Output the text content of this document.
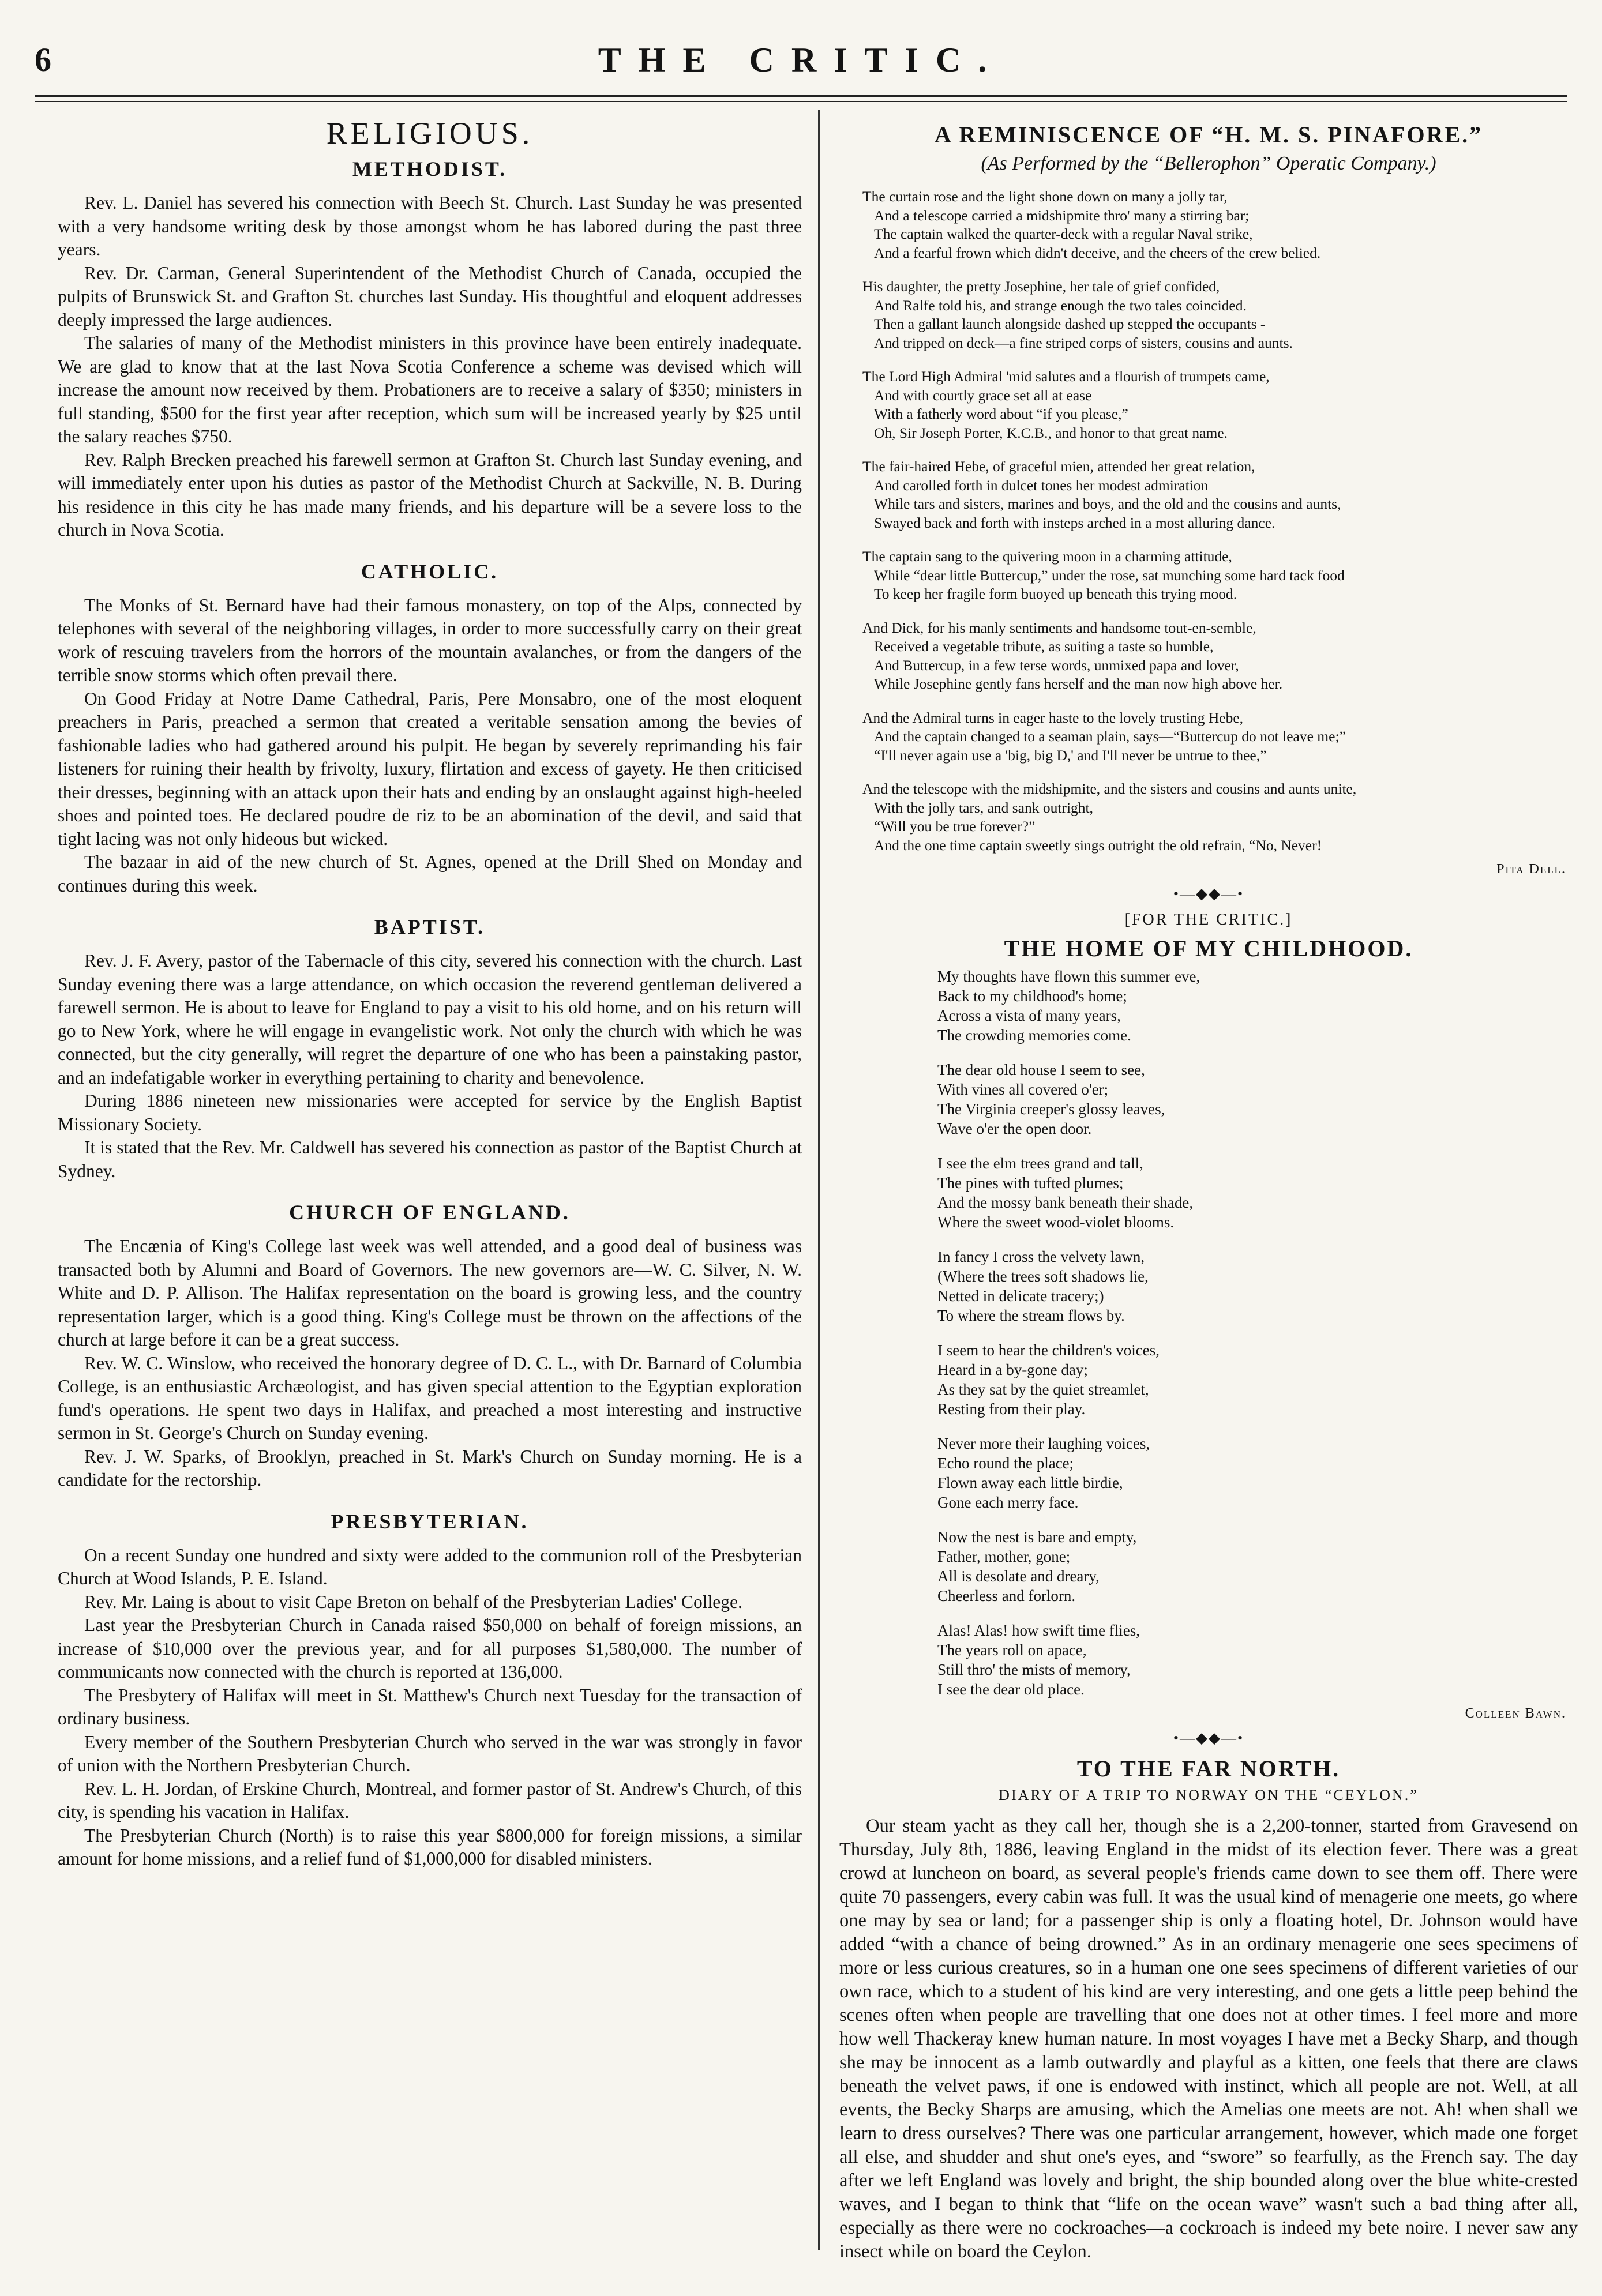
6	THE CRITIC.
RELIGIOUS.
METHODIST.

Rev. L. Daniel has severed his connection with Beech St. Church. Last Sunday he was presented with a very handsome writing desk by those amongst whom he has labored during the past three years.

Rev. Dr. Carman, General Superintendent of the Methodist Church of Canada, occupied the pulpits of Brunswick St. and Grafton St. churches last Sunday. His thoughtful and eloquent addresses deeply impressed the large audiences.

The salaries of many of the Methodist ministers in this province have been entirely inadequate. We are glad to know that at the last Nova Scotia Conference a scheme was devised which will increase the amount now received by them. Probationers are to receive a salary of $350; ministers in full standing, $500 for the first year after reception, which sum will be increased yearly by $25 until the salary reaches $750.

Rev. Ralph Brecken preached his farewell sermon at Grafton St. Church last Sunday evening, and will immediately enter upon his duties as pastor of the Methodist Church at Sackville, N. B. During his residence in this city he has made many friends, and his departure will be a severe loss to the church in Nova Scotia.

CATHOLIC.

The Monks of St. Bernard have had their famous monastery, on top of the Alps, connected by telephones with several of the neighboring villages, in order to more successfully carry on their great work of rescuing travelers from the horrors of the mountain avalanches, or from the dangers of the terrible snow storms which often prevail there.

On Good Friday at Notre Dame Cathedral, Paris, Pere Monsabro, one of the most eloquent preachers in Paris, preached a sermon that created a veritable sensation among the bevies of fashionable ladies who had gathered around his pulpit. He began by severely reprimanding his fair listeners for ruining their health by frivolty, luxury, flirtation and excess of gayety. He then criticised their dresses, beginning with an attack upon their hats and ending by an onslaught against high-heeled shoes and pointed toes. He declared poudre de riz to be an abomination of the devil, and said that tight lacing was not only hideous but wicked.

The bazaar in aid of the new church of St. Agnes, opened at the Drill Shed on Monday and continues during this week.

BAPTIST.

Rev. J. F. Avery, pastor of the Tabernacle of this city, severed his connection with the church. Last Sunday evening there was a large attendance, on which occasion the reverend gentleman delivered a farewell sermon. He is about to leave for England to pay a visit to his old home, and on his return will go to New York, where he will engage in evangelistic work. Not only the church with which he was connected, but the city generally, will regret the departure of one who has been a painstaking pastor, and an indefatigable worker in everything pertaining to charity and benevolence.

During 1886 nineteen new missionaries were accepted for service by the English Baptist Missionary Society.

It is stated that the Rev. Mr. Caldwell has severed his connection as pastor of the Baptist Church at Sydney.

CHURCH OF ENGLAND.

The Encænia of King's College last week was well attended, and a good deal of business was transacted both by Alumni and Board of Governors. The new governors are—W. C. Silver, N. W. White and D. P. Allison. The Halifax representation on the board is growing less, and the country representation larger, which is a good thing. King's College must be thrown on the affections of the church at large before it can be a great success.

Rev. W. C. Winslow, who received the honorary degree of D. C. L., with Dr. Barnard of Columbia College, is an enthusiastic Archæologist, and has given special attention to the Egyptian exploration fund's operations. He spent two days in Halifax, and preached a most interesting and instructive sermon in St. George's Church on Sunday evening.

Rev. J. W. Sparks, of Brooklyn, preached in St. Mark's Church on Sunday morning. He is a candidate for the rectorship.

PRESBYTERIAN.

On a recent Sunday one hundred and sixty were added to the communion roll of the Presbyterian Church at Wood Islands, P. E. Island.

Rev. Mr. Laing is about to visit Cape Breton on behalf of the Presbyterian Ladies' College.

Last year the Presbyterian Church in Canada raised $50,000 on behalf of foreign missions, an increase of $10,000 over the previous year, and for all purposes $1,580,000. The number of communicants now connected with the church is reported at 136,000.

The Presbytery of Halifax will meet in St. Matthew's Church next Tuesday for the transaction of ordinary business.

Every member of the Southern Presbyterian Church who served in the war was strongly in favor of union with the Northern Presbyterian Church.

Rev. L. H. Jordan, of Erskine Church, Montreal, and former pastor of St. Andrew's Church, of this city, is spending his vacation in Halifax.

The Presbyterian Church (North) is to raise this year $800,000 for foreign missions, a similar amount for home missions, and a relief fund of $1,000,000 for disabled ministers.

A REMINISCENCE OF “H. M. S. PINAFORE.”
(As Performed by the “Bellerophon” Operatic Company.)
The curtain rose and the light shone down on many a jolly tar,
And a telescope carried a midshipmite thro' many a stirring bar;
The captain walked the quarter-deck with a regular Naval strike,
And a fearful frown which didn't deceive, and the cheers of the crew belied.
His daughter, the pretty Josephine, her tale of grief confided,
And Ralfe told his, and strange enough the two tales coincided.
Then a gallant launch alongside dashed up stepped the occupants -
And tripped on deck—a fine striped corps of sisters, cousins and aunts.
The Lord High Admiral 'mid salutes and a flourish of trumpets came,
And with courtly grace set all at ease
With a fatherly word about “if you please,”
Oh, Sir Joseph Porter, K.C.B., and honor to that great name.
The fair-haired Hebe, of graceful mien, attended her great relation,
And carolled forth in dulcet tones her modest admiration
While tars and sisters, marines and boys, and the old and the cousins and aunts,
Swayed back and forth with insteps arched in a most alluring dance.
The captain sang to the quivering moon in a charming attitude,
While “dear little Buttercup,” under the rose, sat munching some hard tack food
To keep her fragile form buoyed up beneath this trying mood.
And Dick, for his manly sentiments and handsome tout-en-semble,
Received a vegetable tribute, as suiting a taste so humble,
And Buttercup, in a few terse words, unmixed papa and lover,
While Josephine gently fans herself and the man now high above her.
And the Admiral turns in eager haste to the lovely trusting Hebe,
And the captain changed to a seaman plain, says—“Buttercup do not leave me;”
“I'll never again use a 'big, big D,' and I'll never be untrue to thee,”
And the telescope with the midshipmite, and the sisters and cousins and aunts unite,
With the jolly tars, and sank outright,
“Will you be true forever?”
And the one time captain sweetly sings outright the old refrain, “No, Never!
Pita Dell.
•—◆◆—•
[FOR THE CRITIC.]
THE HOME OF MY CHILDHOOD.
My thoughts have flown this summer eve,
Back to my childhood's home;
Across a vista of many years,
The crowding memories come.
The dear old house I seem to see,
With vines all covered o'er;
The Virginia creeper's glossy leaves,
Wave o'er the open door.
I see the elm trees grand and tall,
The pines with tufted plumes;
And the mossy bank beneath their shade,
Where the sweet wood-violet blooms.
In fancy I cross the velvety lawn,
(Where the trees soft shadows lie,
Netted in delicate tracery;)
To where the stream flows by.
I seem to hear the children's voices,
Heard in a by-gone day;
As they sat by the quiet streamlet,
Resting from their play.
Never more their laughing voices,
Echo round the place;
Flown away each little birdie,
Gone each merry face.
Now the nest is bare and empty,
Father, mother, gone;
All is desolate and dreary,
Cheerless and forlorn.
Alas! Alas! how swift time flies,
The years roll on apace,
Still thro' the mists of memory,
I see the dear old place.
Colleen Bawn.
•—◆◆—•
TO THE FAR NORTH.
DIARY OF A TRIP TO NORWAY ON THE “CEYLON.”

Our steam yacht as they call her, though she is a 2,200-tonner, started from Gravesend on Thursday, July 8th, 1886, leaving England in the midst of its election fever. There was a great crowd at luncheon on board, as several people's friends came down to see them off. There were quite 70 passengers, every cabin was full. It was the usual kind of menagerie one meets, go where one may by sea or land; for a passenger ship is only a floating hotel, Dr. Johnson would have added “with a chance of being drowned.” As in an ordinary menagerie one sees specimens of more or less curious creatures, so in a human one one sees specimens of different varieties of our own race, which to a student of his kind are very interesting, and one gets a little peep behind the scenes often when people are travelling that one does not at other times. I feel more and more how well Thackeray knew human nature. In most voyages I have met a Becky Sharp, and though she may be innocent as a lamb outwardly and playful as a kitten, one feels that there are claws beneath the velvet paws, if one is endowed with instinct, which all people are not. Well, at all events, the Becky Sharps are amusing, which the Amelias one meets are not. Ah! when shall we learn to dress ourselves? There was one particular arrangement, however, which made one forget all else, and shudder and shut one's eyes, and “swore” so fearfully, as the French say. The day after we left England was lovely and bright, the ship bounded along over the blue white-crested waves, and I began to think that “life on the ocean wave” wasn't such a bad thing after all, especially as there were no cockroaches—a cockroach is indeed my bete noire. I never saw any insect while on board the Ceylon.
